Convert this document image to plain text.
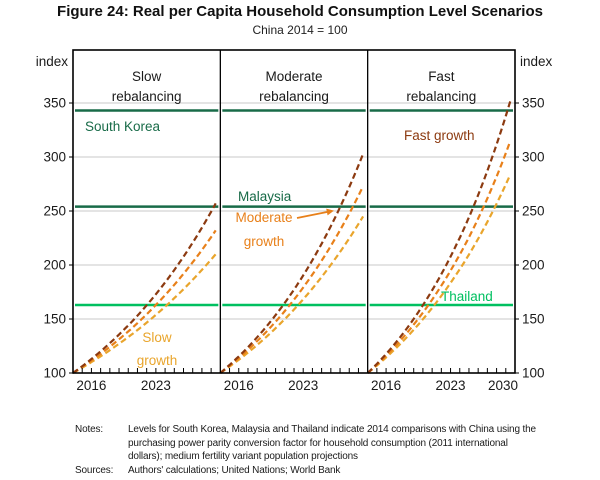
Figure 24: Real per Capita Household Consumption Level Scenarios
China 2014 = 100
100	100
150	150
200	200
250	250
300	300
350	350
index	index
2016	2023	2016	2023	2016	2023 2030
Slow
rebalancing
Moderate
rebalancing
Fast
rebalancing
South Korea
Slow
growth
Malaysia
Moderate
growth
Fast growth
Thailand
Notes:	Levels for South Korea, Malaysia and Thailand indicate 2014 comparisons with China using the
purchasing power parity conversion factor for household consumption (2011 international
dollars); medium fertility variant population projections
Sources:	Authors' calculations; United Nations; World Bank
